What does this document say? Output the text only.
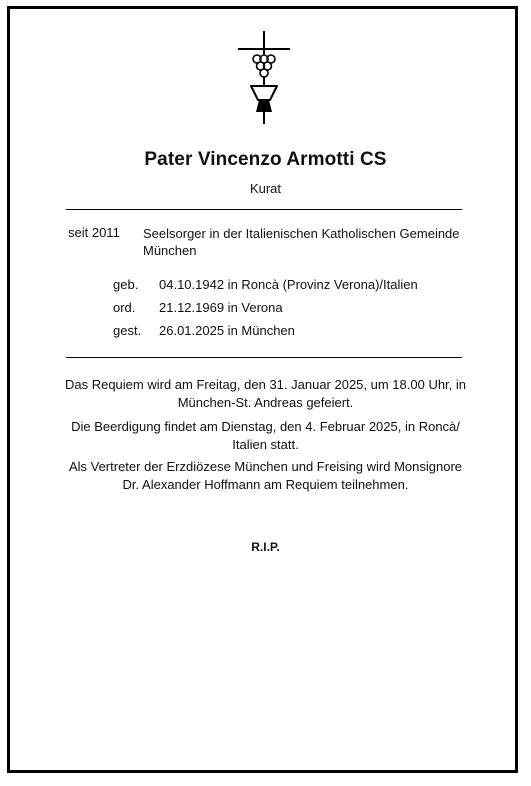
Pater Vincenzo Armotti CS
Kurat
seit 2011 Seelsorger in der Italienischen Katholischen Gemeinde München
geb. 04.10.1942 in Roncà (Provinz Verona)/Italien
ord. 21.12.1969 in Verona
gest. 26.01.2025 in München
Das Requiem wird am Freitag, den 31. Januar 2025, um 18.00 Uhr, in München-St. Andreas gefeiert.
Die Beerdigung findet am Dienstag, den 4. Februar 2025, in Roncà/ Italien statt.
Als Vertreter der Erzdiözese München und Freising wird Monsignore Dr. Alexander Hoffmann am Requiem teilnehmen.
R.I.P.
